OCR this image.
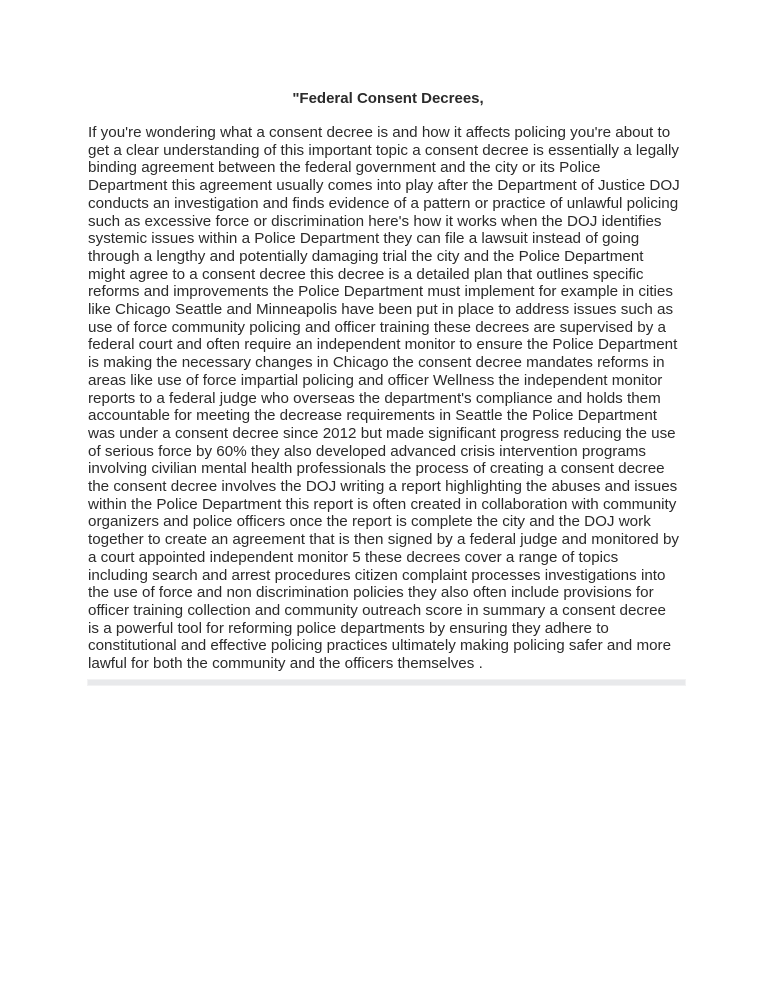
"Federal Consent Decrees,

If you're wondering what a consent decree is and how it affects policing you're about to
get a clear understanding of this important topic a consent decree is essentially a legally
binding agreement between the federal government and the city or its Police
Department this agreement usually comes into play after the Department of Justice DOJ
conducts an investigation and finds evidence of a pattern or practice of unlawful policing
such as excessive force or discrimination here's how it works when the DOJ identifies
systemic issues within a Police Department they can file a lawsuit instead of going
through a lengthy and potentially damaging trial the city and the Police Department
might agree to a consent decree this decree is a detailed plan that outlines specific
reforms and improvements the Police Department must implement for example in cities
like Chicago Seattle and Minneapolis have been put in place to address issues such as
use of force community policing and officer training these decrees are supervised by a
federal court and often require an independent monitor to ensure the Police Department
is making the necessary changes in Chicago the consent decree mandates reforms in
areas like use of force impartial policing and officer Wellness the independent monitor
reports to a federal judge who overseas the department's compliance and holds them
accountable for meeting the decrease requirements in Seattle the Police Department
was under a consent decree since 2012 but made significant progress reducing the use
of serious force by 60% they also developed advanced crisis intervention programs
involving civilian mental health professionals the process of creating a consent decree
the consent decree involves the DOJ writing a report highlighting the abuses and issues
within the Police Department this report is often created in collaboration with community
organizers and police officers once the report is complete the city and the DOJ work
together to create an agreement that is then signed by a federal judge and monitored by
a court appointed independent monitor 5 these decrees cover a range of topics
including search and arrest procedures citizen complaint processes investigations into
the use of force and non discrimination policies they also often include provisions for
officer training collection and community outreach score in summary a consent decree
is a powerful tool for reforming police departments by ensuring they adhere to
constitutional and effective policing practices ultimately making policing safer and more
lawful for both the community and the officers themselves .
